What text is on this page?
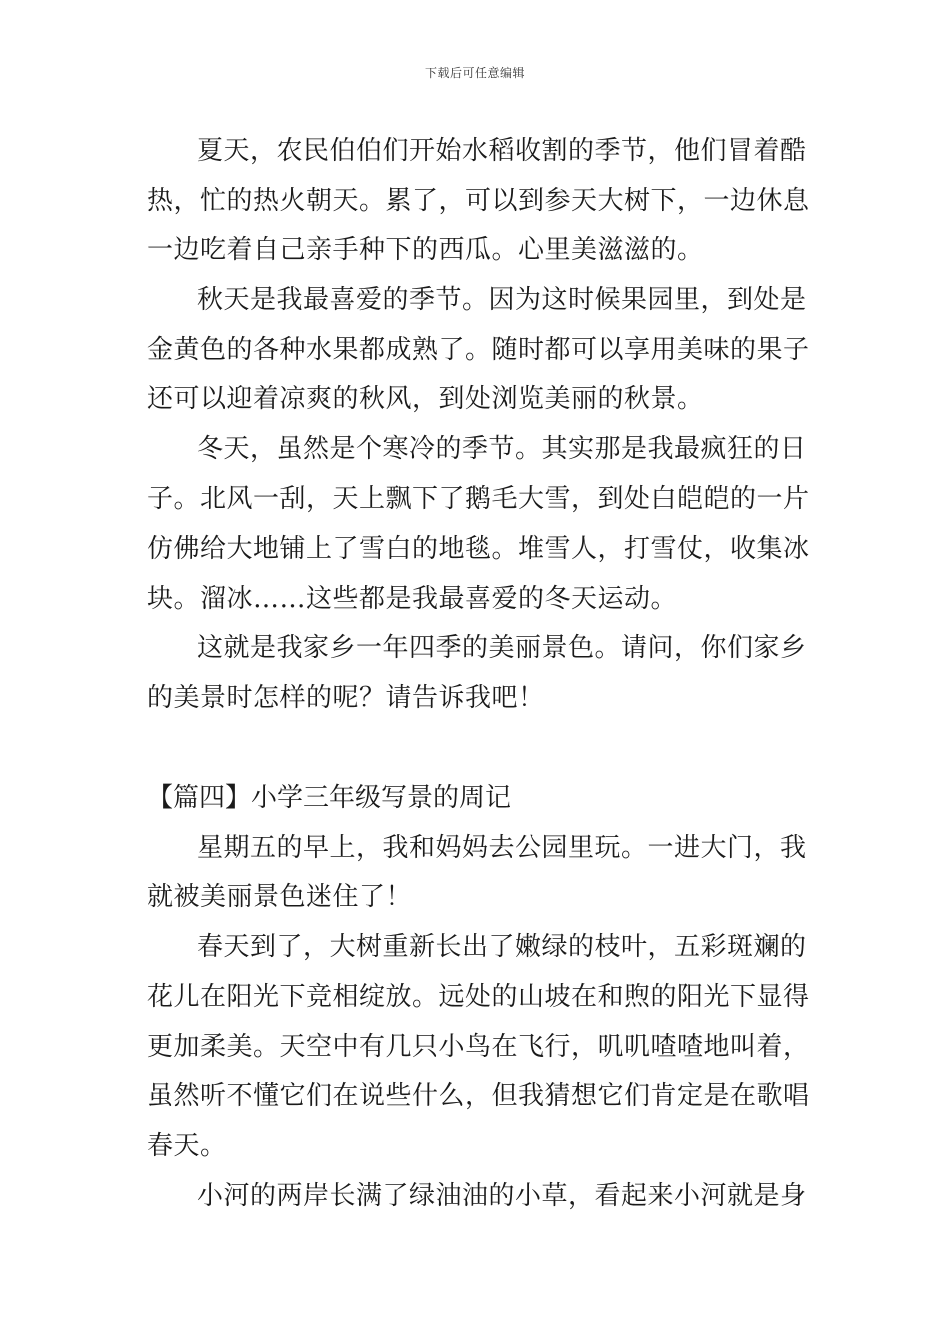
下载后可任意编辑
夏天，农民伯伯们开始水稻收割的季节，他们冒着酷
热，忙的热火朝天。累了，可以到参天大树下，一边休息
一边吃着自己亲手种下的西瓜。心里美滋滋的。
秋天是我最喜爱的季节。因为这时候果园里，到处是
金黄色的各种水果都成熟了。随时都可以享用美味的果子
还可以迎着凉爽的秋风，到处浏览美丽的秋景。
冬天，虽然是个寒冷的季节。其实那是我最疯狂的日
子。北风一刮，天上飘下了鹅毛大雪，到处白皑皑的一片
仿佛给大地铺上了雪白的地毯。堆雪人，打雪仗，收集冰
块。溜冰……这些都是我最喜爱的冬天运动。
这就是我家乡一年四季的美丽景色。请问，你们家乡
的美景时怎样的呢？请告诉我吧！
【篇四】小学三年级写景的周记
星期五的早上，我和妈妈去公园里玩。一进大门，我
就被美丽景色迷住了！
春天到了，大树重新长出了嫩绿的枝叶，五彩斑斓的
花儿在阳光下竞相绽放。远处的山坡在和煦的阳光下显得
更加柔美。天空中有几只小鸟在飞行，叽叽喳喳地叫着，
虽然听不懂它们在说些什么，但我猜想它们肯定是在歌唱
春天。
小河的两岸长满了绿油油的小草，看起来小河就是身
